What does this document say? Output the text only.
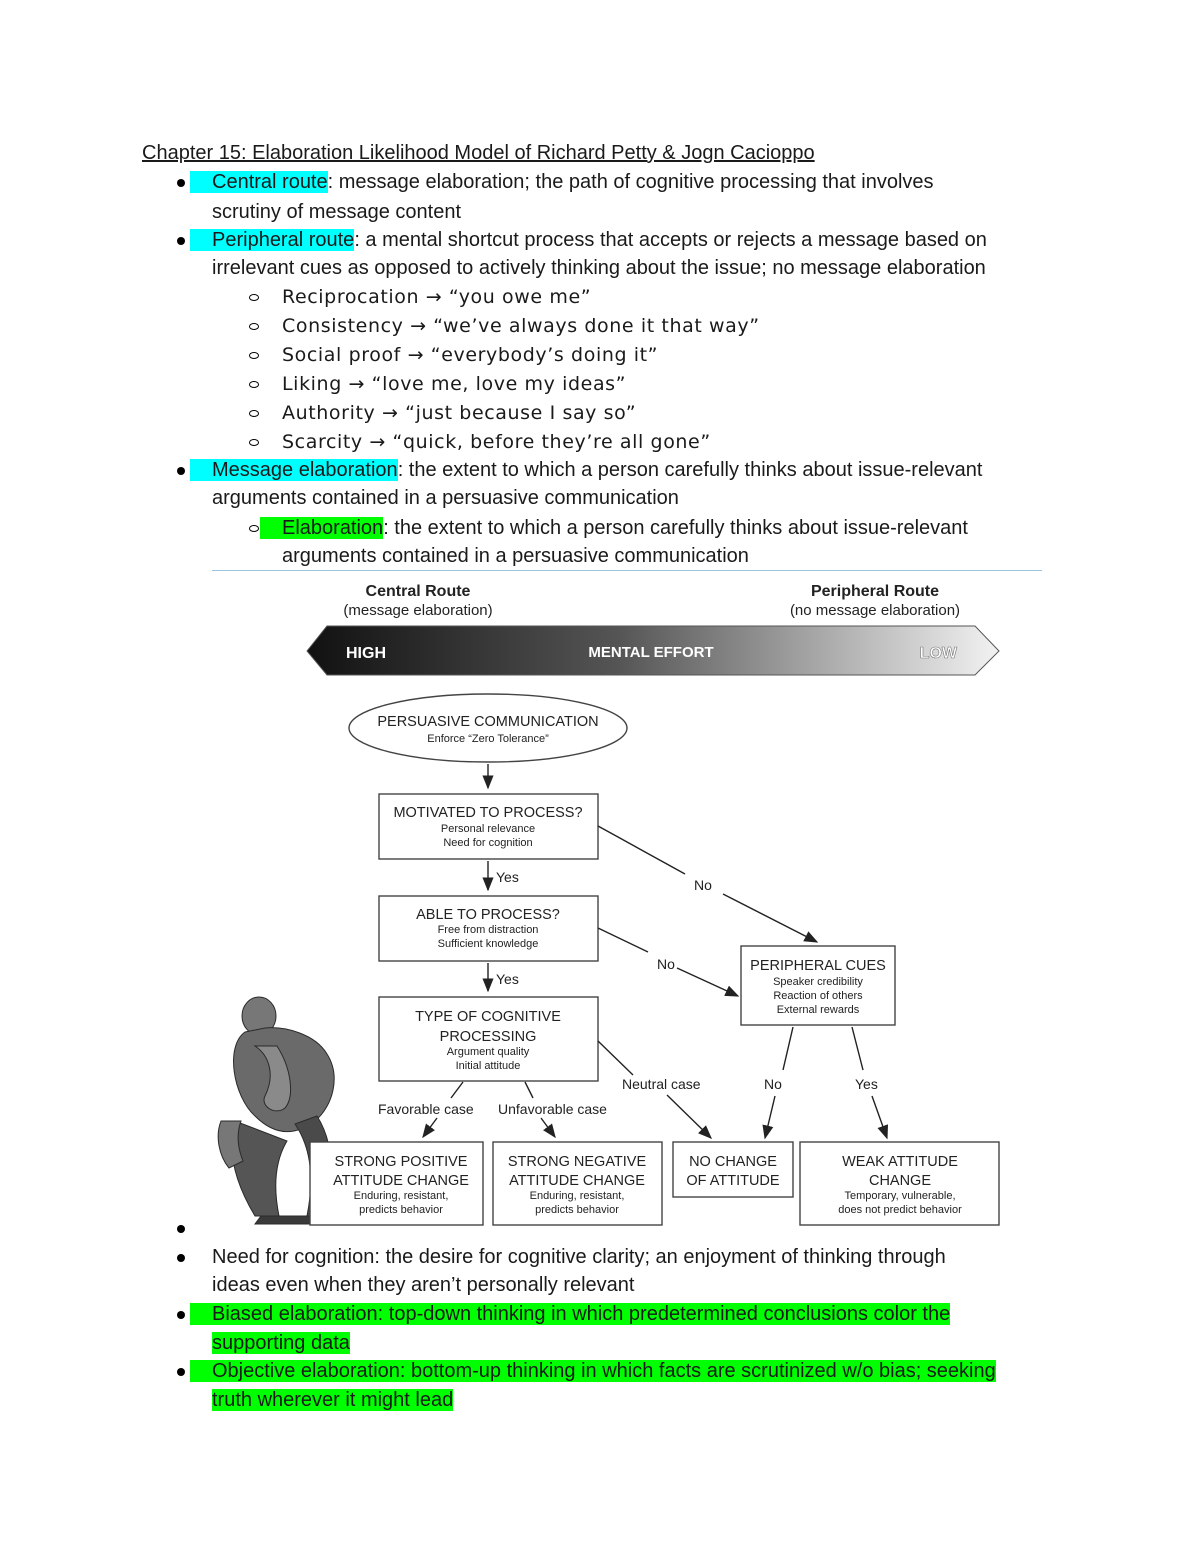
Chapter 15: Elaboration Likelihood Model of Richard Petty & Jogn Cacioppo
Central route: message elaboration; the path of cognitive processing that involves
scrutiny of message content
Peripheral route: a mental shortcut process that accepts or rejects a message based on
irrelevant cues as opposed to actively thinking about the issue; no message elaboration
Reciprocation → “you owe me”
Consistency → “we’ve always done it that way”
Social proof → “everybody’s doing it”
Liking → “love me, love my ideas”
Authority → “just because I say so”
Scarcity → “quick, before they’re all gone”
Message elaboration: the extent to which a person carefully thinks about issue-relevant
arguments contained in a persuasive communication
Elaboration: the extent to which a person carefully thinks about issue-relevant
arguments contained in a persuasive communication
Central Route
(message elaboration)
Peripheral Route
(no message elaboration)
HIGH	MENTAL EFFORT	LOW
PERSUASIVE COMMUNICATION
Enforce “Zero Tolerance”
MOTIVATED TO PROCESS?
Personal relevance
Need for cognition
Yes
ABLE TO PROCESS?
Free from distraction
Sufficient knowledge
Yes
TYPE OF COGNITIVE
PROCESSING
Argument quality
Initial attitude
PERIPHERAL CUES
Speaker credibility
Reaction of others
External rewards
No
No
Favorable case Unfavorable case
Neutral case	No	Yes
STRONG POSITIVE
ATTITUDE CHANGE
Enduring, resistant,
predicts behavior
STRONG NEGATIVE
ATTITUDE CHANGE
Enduring, resistant,
predicts behavior
NO CHANGE
OF ATTITUDE
WEAK ATTITUDE
CHANGE
Temporary, vulnerable,
does not predict behavior
Need for cognition: the desire for cognitive clarity; an enjoyment of thinking through
ideas even when they aren’t personally relevant
Biased elaboration: top-down thinking in which predetermined conclusions color the
supporting data
Objective elaboration: bottom-up thinking in which facts are scrutinized w/o bias; seeking
truth wherever it might lead
